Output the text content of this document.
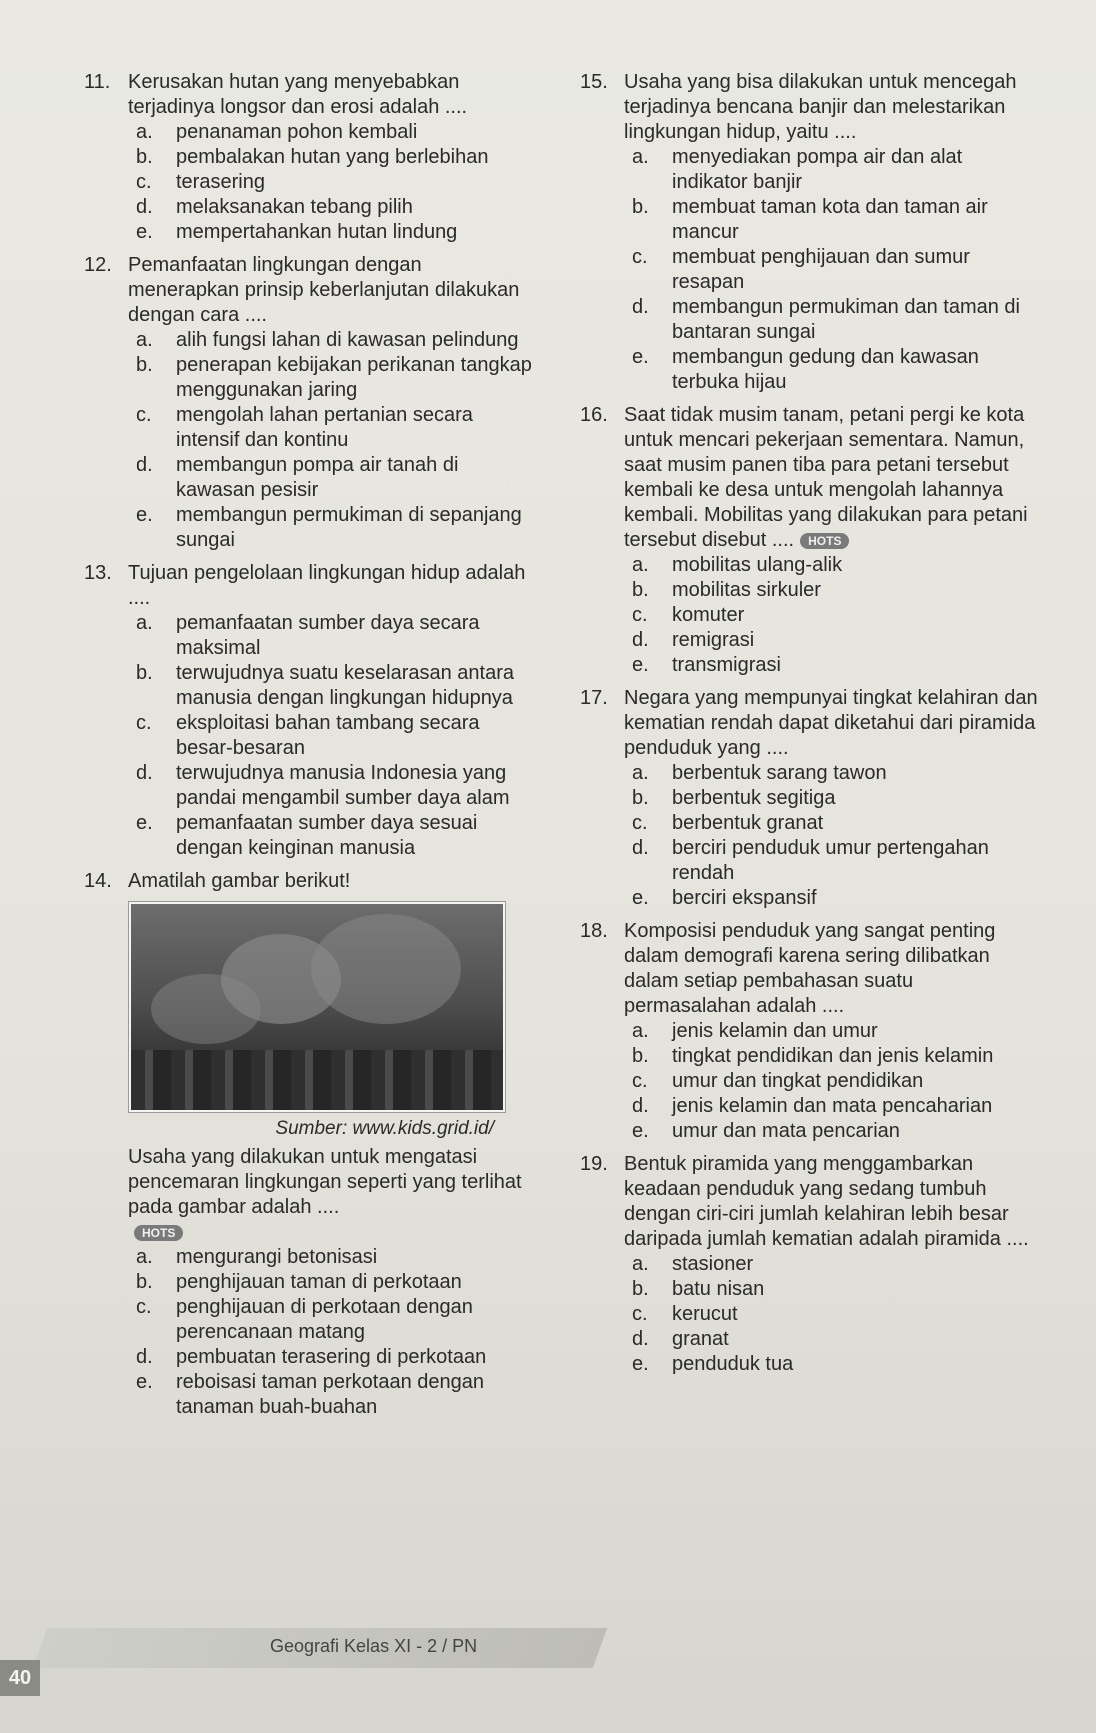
11. Kerusakan hutan yang menyebabkan terjadinya longsor dan erosi adalah ....
a. penanaman pohon kembali
b. pembalakan hutan yang berlebihan
c. terasering
d. melaksanakan tebang pilih
e. mempertahankan hutan lindung
12. Pemanfaatan lingkungan dengan menerapkan prinsip keberlanjutan dilakukan dengan cara ....
a. alih fungsi lahan di kawasan pelindung
b. penerapan kebijakan perikanan tangkap menggunakan jaring
c. mengolah lahan pertanian secara intensif dan kontinu
d. membangun pompa air tanah di kawasan pesisir
e. membangun permukiman di sepanjang sungai
13. Tujuan pengelolaan lingkungan hidup adalah ....
a. pemanfaatan sumber daya secara maksimal
b. terwujudnya suatu keselarasan antara manusia dengan lingkungan hidupnya
c. eksploitasi bahan tambang secara besar-besaran
d. terwujudnya manusia Indonesia yang pandai mengambil sumber daya alam
e. pemanfaatan sumber daya sesuai dengan keinginan manusia
14. Amatilah gambar berikut!
Sumber: www.kids.grid.id/
Usaha yang dilakukan untuk mengatasi pencemaran lingkungan seperti yang terlihat pada gambar adalah ....
HOTS
a. mengurangi betonisasi
b. penghijauan taman di perkotaan
c. penghijauan di perkotaan dengan perencanaan matang
d. pembuatan terasering di perkotaan
e. reboisasi taman perkotaan dengan tanaman buah-buahan
15. Usaha yang bisa dilakukan untuk mencegah terjadinya bencana banjir dan melestarikan lingkungan hidup, yaitu ....
a. menyediakan pompa air dan alat indikator banjir
b. membuat taman kota dan taman air mancur
c. membuat penghijauan dan sumur resapan
d. membangun permukiman dan taman di bantaran sungai
e. membangun gedung dan kawasan terbuka hijau
16. Saat tidak musim tanam, petani pergi ke kota untuk mencari pekerjaan sementara. Namun, saat musim panen tiba para petani tersebut kembali ke desa untuk mengolah lahannya kembali. Mobilitas yang dilakukan para petani tersebut disebut .... HOTS
a. mobilitas ulang-alik
b. mobilitas sirkuler
c. komuter
d. remigrasi
e. transmigrasi
17. Negara yang mempunyai tingkat kelahiran dan kematian rendah dapat diketahui dari piramida penduduk yang ....
a. berbentuk sarang tawon
b. berbentuk segitiga
c. berbentuk granat
d. berciri penduduk umur pertengahan rendah
e. berciri ekspansif
18. Komposisi penduduk yang sangat penting dalam demografi karena sering dilibatkan dalam setiap pembahasan suatu permasalahan adalah ....
a. jenis kelamin dan umur
b. tingkat pendidikan dan jenis kelamin
c. umur dan tingkat pendidikan
d. jenis kelamin dan mata pencaharian
e. umur dan mata pencarian
19. Bentuk piramida yang menggambarkan keadaan penduduk yang sedang tumbuh dengan ciri-ciri jumlah kelahiran lebih besar daripada jumlah kematian adalah piramida ....
a. stasioner
b. batu nisan
c. kerucut
d. granat
e. penduduk tua
Geografi Kelas XI - 2 / PN
40
